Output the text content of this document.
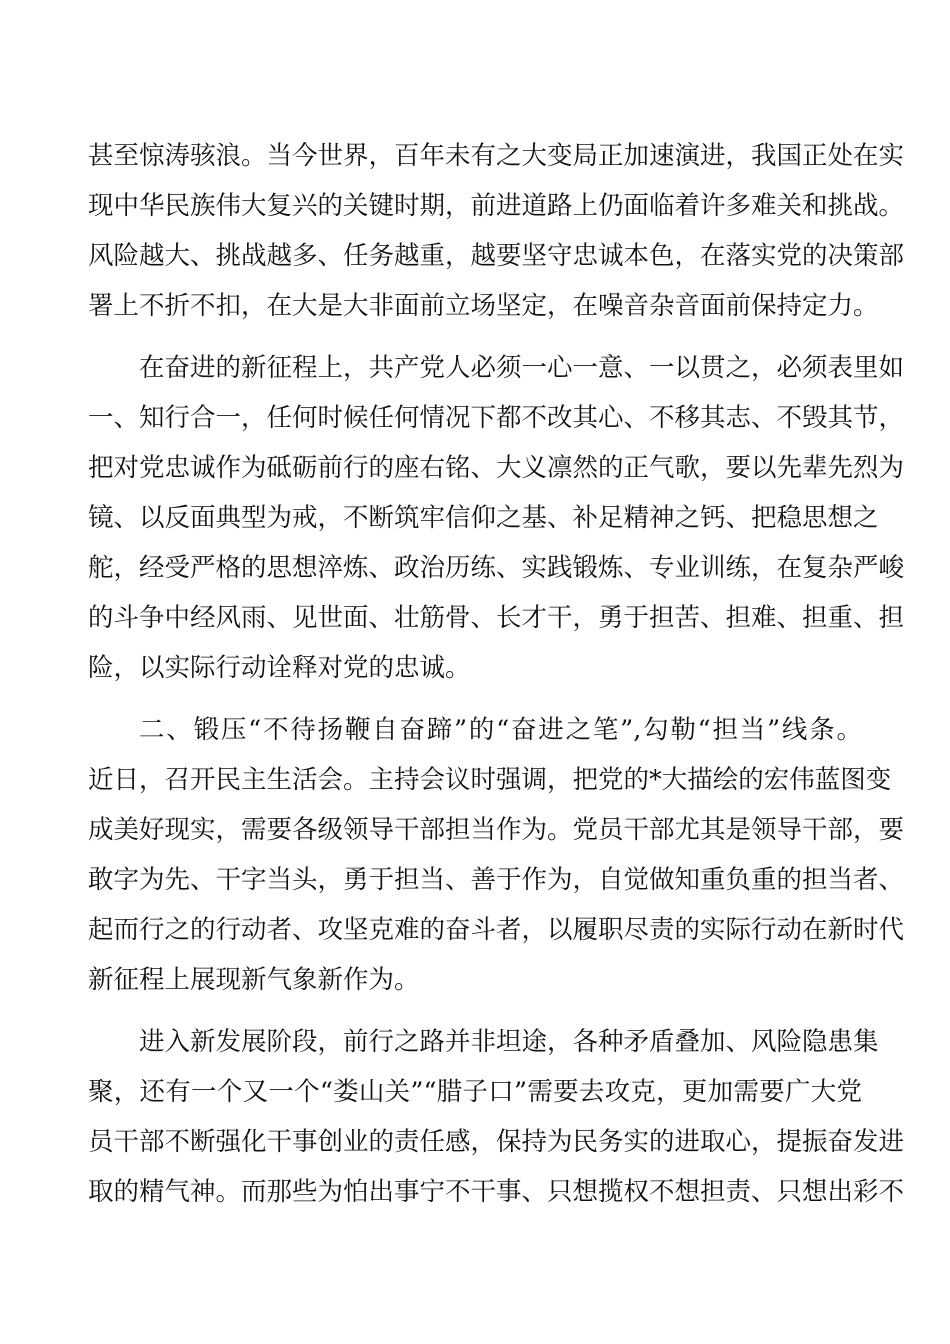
甚至惊涛骇浪。当今世界，百年未有之大变局正加速演进，我国正处在实
现中华民族伟大复兴的关键时期，前进道路上仍面临着许多难关和挑战。
风险越大、挑战越多、任务越重，越要坚守忠诚本色，在落实党的决策部
署上不折不扣，在大是大非面前立场坚定，在噪音杂音面前保持定力。
在奋进的新征程上，共产党人必须一心一意、一以贯之，必须表里如
一、知行合一，任何时候任何情况下都不改其心、不移其志、不毁其节，
把对党忠诚作为砥砺前行的座右铭、大义凛然的正气歌，要以先辈先烈为
镜、以反面典型为戒，不断筑牢信仰之基、补足精神之钙、把稳思想之
舵，经受严格的思想淬炼、政治历练、实践锻炼、专业训练，在复杂严峻
的斗争中经风雨、见世面、壮筋骨、长才干，勇于担苦、担难、担重、担
险，以实际行动诠释对党的忠诚。
二、锻压“不待扬鞭自奋蹄”的“奋进之笔”,勾勒“担当”线条。
近日，召开民主生活会。主持会议时强调，把党的*大描绘的宏伟蓝图变
成美好现实，需要各级领导干部担当作为。党员干部尤其是领导干部，要
敢字为先、干字当头，勇于担当、善于作为，自觉做知重负重的担当者、
起而行之的行动者、攻坚克难的奋斗者，以履职尽责的实际行动在新时代
新征程上展现新气象新作为。
进入新发展阶段，前行之路并非坦途，各种矛盾叠加、风险隐患集
聚，还有一个又一个“娄山关”“腊子口”需要去攻克，更加需要广大党
员干部不断强化干事创业的责任感，保持为民务实的进取心，提振奋发进
取的精气神。而那些为怕出事宁不干事、只想揽权不想担责、只想出彩不
